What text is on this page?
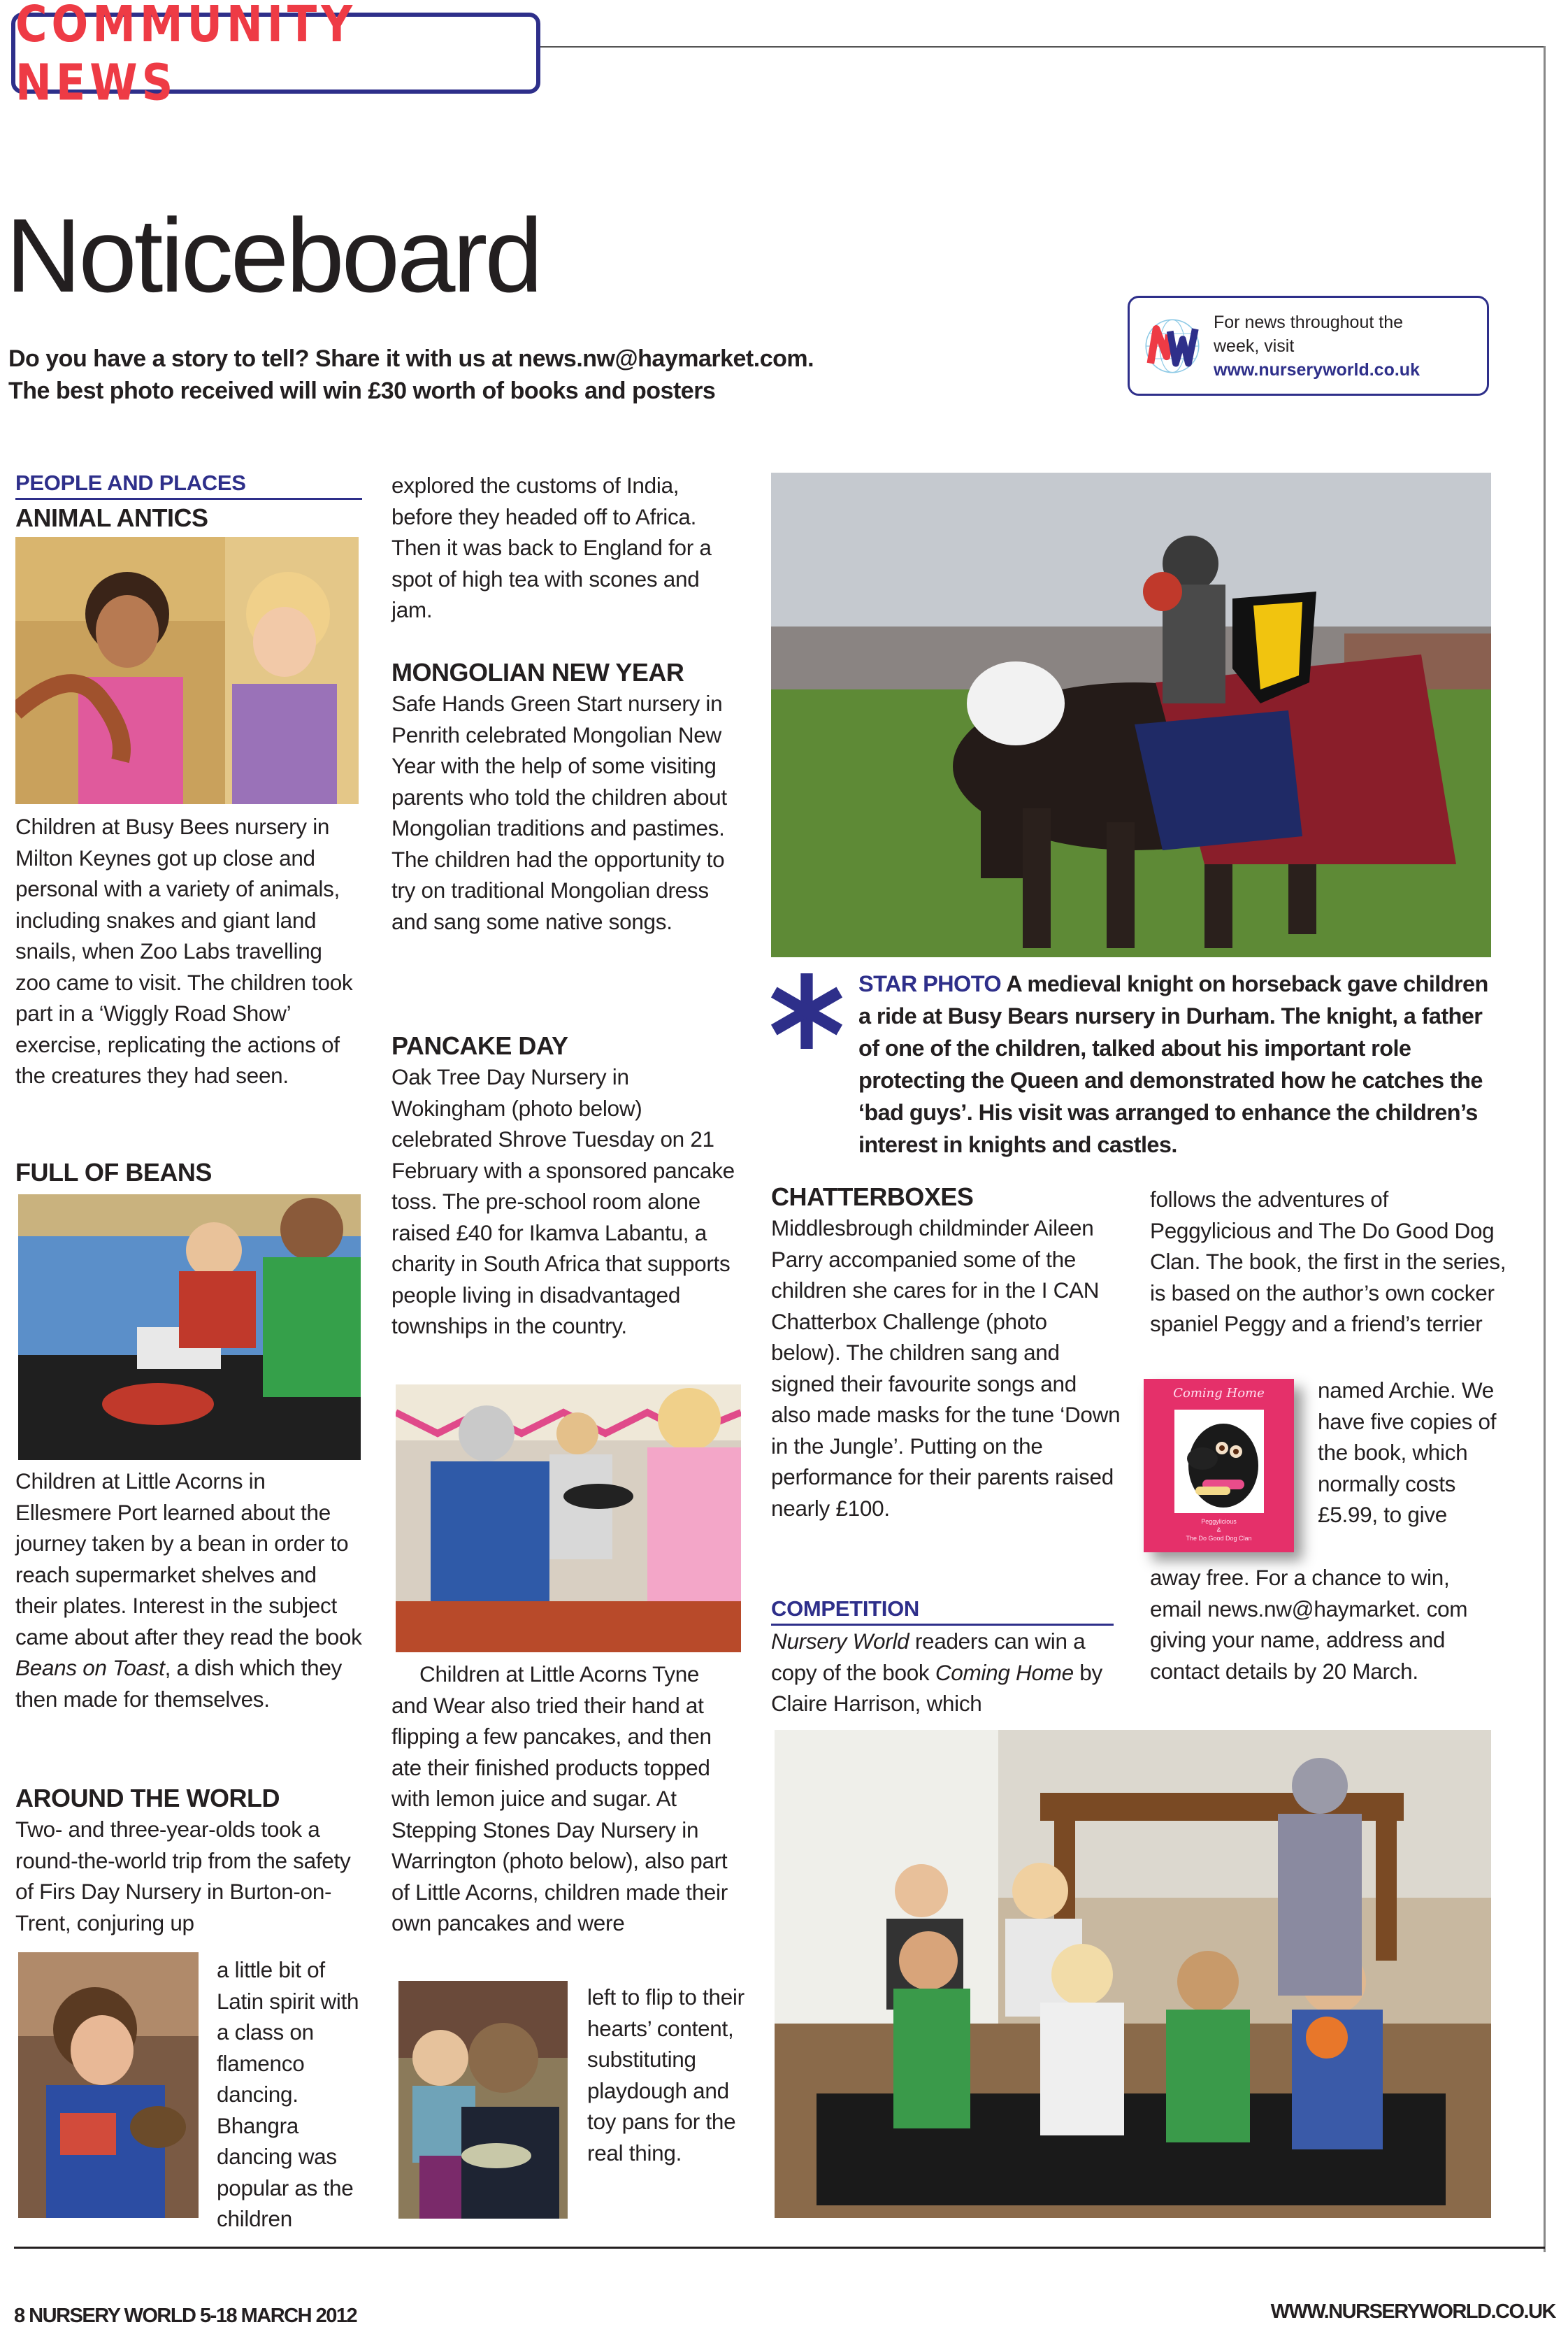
COMMUNITY NEWS
Noticeboard
Do you have a story to tell? Share it with us at news.nw@haymarket.com.
The best photo received will win £30 worth of books and posters
For news throughout the week, visit
www.nurseryworld.co.uk
PEOPLE AND PLACES
ANIMAL ANTICS
Children at Busy Bees nursery in Milton Keynes got up close and personal with a variety of animals, including snakes and giant land snails, when Zoo Labs travelling zoo came to visit. The children took part in a ‘Wiggly Road Show’ exercise, replicating the actions of the creatures they had seen.
FULL OF BEANS
Children at Little Acorns in Ellesmere Port learned about the journey taken by a bean in order to reach supermarket shelves and their plates. Interest in the subject came about after they read the book Beans on Toast, a dish which they then made for themselves.
AROUND THE WORLD
Two- and three-year-olds took a round-the-world trip from the safety of Firs Day Nursery in Burton-on-Trent, conjuring up
a little bit of Latin spirit with a class on flamenco dancing. Bhangra dancing was popular as the children
explored the customs of India, before they headed off to Africa. Then it was back to England for a spot of high tea with scones and jam.
MONGOLIAN NEW YEAR
Safe Hands Green Start nursery in Penrith celebrated Mongolian New Year with the help of some visiting parents who told the children about Mongolian traditions and pastimes. The children had the opportunity to try on traditional Mongolian dress and sang some native songs.
PANCAKE DAY
Oak Tree Day Nursery in Wokingham (photo below) celebrated Shrove Tuesday on 21 February with a sponsored pancake toss. The pre-school room alone raised £40 for Ikamva Labantu, a charity in South Africa that supports people living in disadvantaged townships in the country.
Children at Little Acorns Tyne and Wear also tried their hand at flipping a few pancakes, and then ate their finished products topped with lemon juice and sugar. At Stepping Stones Day Nursery in Warrington (photo below), also part of Little Acorns, children made their own pancakes and were
left to flip to their hearts’ content, substituting playdough and toy pans for the real thing.
STAR PHOTO A medieval knight on horseback gave children a ride at Busy Bears nursery in Durham. The knight, a father of one of the children, talked about his important role protecting the Queen and demonstrated how he catches the ‘bad guys’. His visit was arranged to enhance the children’s interest in knights and castles.
CHATTERBOXES
Middlesbrough childminder Aileen Parry accompanied some of the children she cares for in the I CAN Chatterbox Challenge (photo below). The children sang and signed their favourite songs and also made masks for the tune ‘Down in the Jungle’. Putting on the performance for their parents raised nearly £100.
COMPETITION
Nursery World readers can win a copy of the book Coming Home by Claire Harrison, which
follows the adventures of Peggylicious and The Do Good Dog Clan. The book, the first in the series, is based on the author’s own cocker spaniel Peggy and a friend’s terrier
Coming Home
Peggylicious
&
The Do Good Dog Clan
named Archie. We have five copies of the book, which normally costs £5.99, to give
away free. For a chance to win, email news.nw@haymarket. com giving your name, address and contact details by 20 March.
8 NURSERY WORLD 5-18 MARCH 2012	WWW.NURSERYWORLD.CO.UK
